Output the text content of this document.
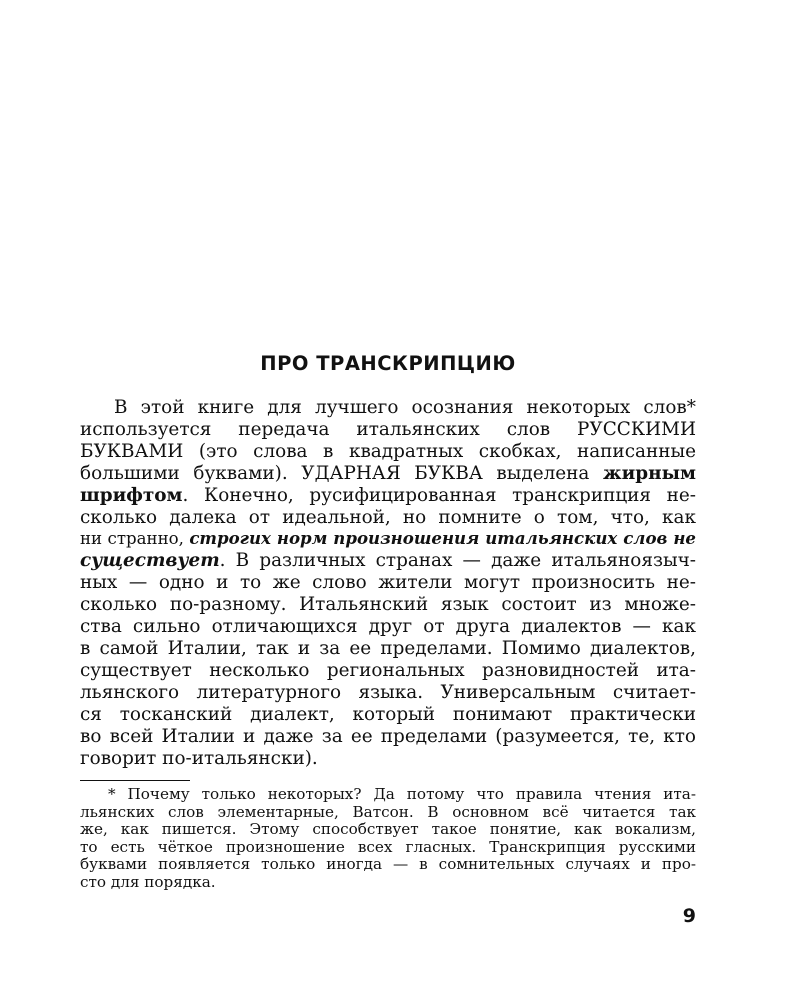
ПРО ТРАНСКРИПЦИЮ
В этой книге для лучшего осознания некоторых слов*
используется передача итальянских слов РУССКИМИ
БУКВАМИ (это слова в квадратных скобках, написанные
большими буквами). УДАРНАЯ БУКВА выделена жирным
шрифтом. Конечно, русифицированная транскрипция не-
сколько далека от идеальной, но помните о том, что, как
ни странно, строгих норм произношения итальянских слов не
существует. В различных странах — даже итальяноязыч-
ных — одно и то же слово жители могут произносить не-
сколько по-разному. Итальянский язык состоит из множе-
ства сильно отличающихся друг от друга диалектов — как
в самой Италии, так и за ее пределами. Помимо диалектов,
существует несколько региональных разновидностей ита-
льянского литературного языка. Универсальным считает-
ся тосканский диалект, который понимают практически
во всей Италии и даже за ее пределами (разумеется, те, кто
говорит по-итальянски).
* Почему только некоторых? Да потому что правила чтения ита-
льянских слов элементарные, Ватсон. В основном всё читается так
же, как пишется. Этому способствует такое понятие, как вокализм,
то есть чёткое произношение всех гласных. Транскрипция русскими
буквами появляется только иногда — в сомнительных случаях и про-
сто для порядка.
9
